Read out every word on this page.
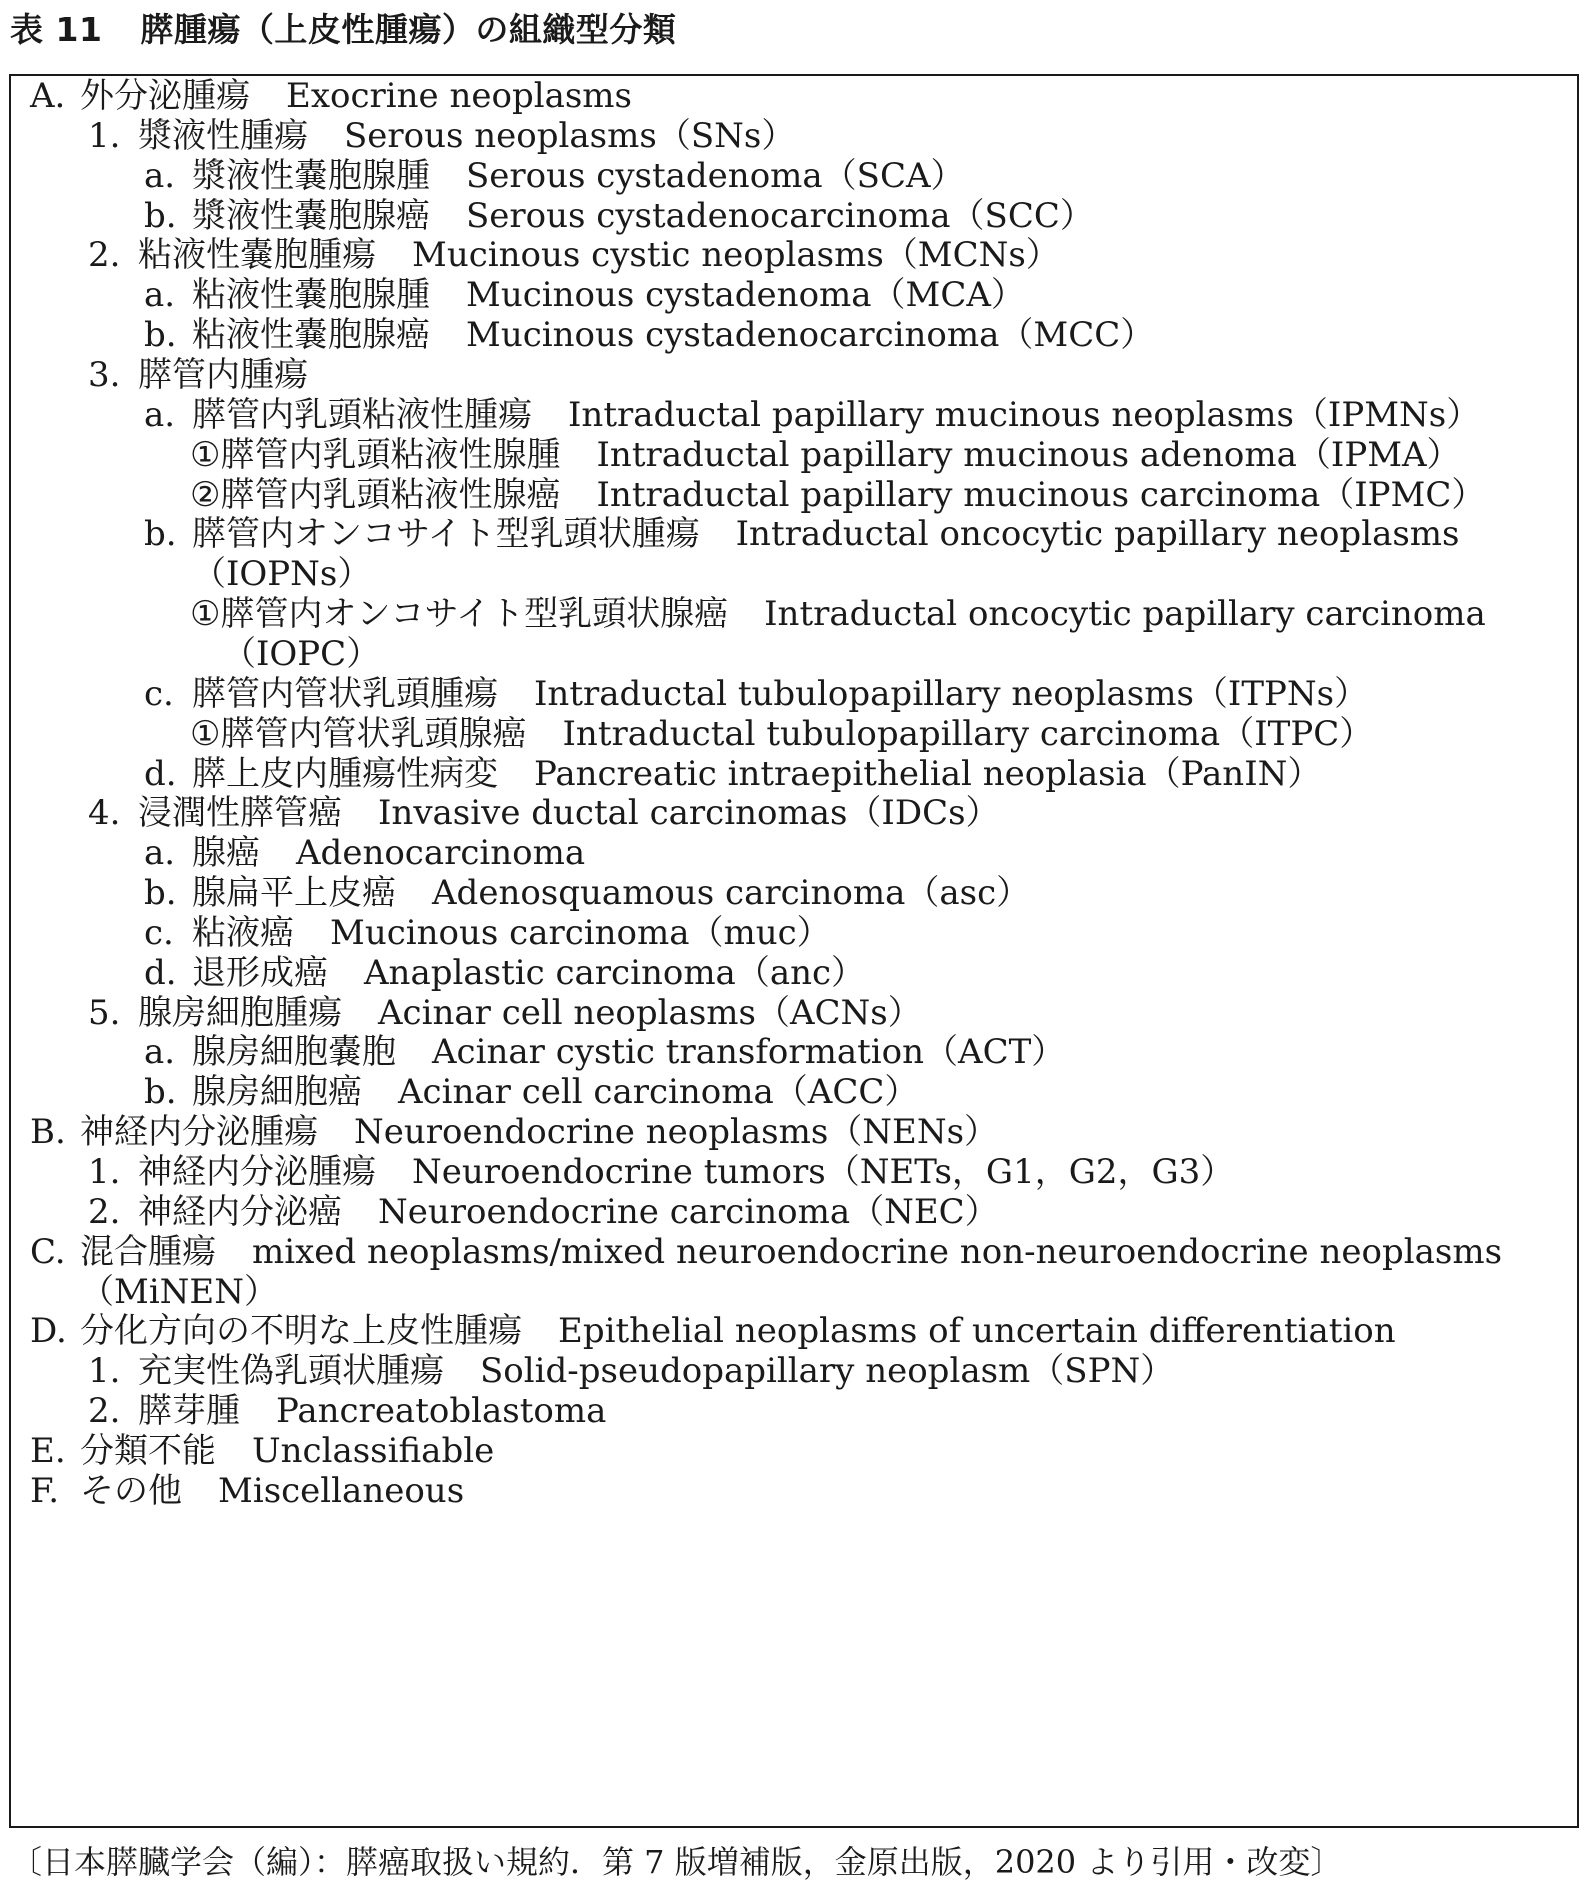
表 11 膵腫瘍（上皮性腫瘍）の組織型分類
A. 外分泌腫瘍 Exocrine neoplasms
1. 漿液性腫瘍 Serous neoplasms（SNs）
a. 漿液性嚢胞腺腫 Serous cystadenoma（SCA）
b. 漿液性嚢胞腺癌 Serous cystadenocarcinoma（SCC）
2. 粘液性嚢胞腫瘍 Mucinous cystic neoplasms（MCNs）
a. 粘液性嚢胞腺腫 Mucinous cystadenoma（MCA）
b. 粘液性嚢胞腺癌 Mucinous cystadenocarcinoma（MCC）
3. 膵管内腫瘍
a. 膵管内乳頭粘液性腫瘍 Intraductal papillary mucinous neoplasms（IPMNs）
①膵管内乳頭粘液性腺腫 Intraductal papillary mucinous adenoma（IPMA）
②膵管内乳頭粘液性腺癌 Intraductal papillary mucinous carcinoma（IPMC）
b. 膵管内オンコサイト型乳頭状腫瘍 Intraductal oncocytic papillary neoplasms
（IOPNs）
①膵管内オンコサイト型乳頭状腺癌 Intraductal oncocytic papillary carcinoma
（IOPC）
c. 膵管内管状乳頭腫瘍 Intraductal tubulopapillary neoplasms（ITPNs）
①膵管内管状乳頭腺癌 Intraductal tubulopapillary carcinoma（ITPC）
d. 膵上皮内腫瘍性病変 Pancreatic intraepithelial neoplasia（PanIN）
4. 浸潤性膵管癌 Invasive ductal carcinomas（IDCs）
a. 腺癌 Adenocarcinoma
b. 腺扁平上皮癌 Adenosquamous carcinoma（asc）
c. 粘液癌 Mucinous carcinoma（muc）
d. 退形成癌 Anaplastic carcinoma（anc）
5. 腺房細胞腫瘍 Acinar cell neoplasms（ACNs）
a. 腺房細胞嚢胞 Acinar cystic transformation（ACT）
b. 腺房細胞癌 Acinar cell carcinoma（ACC）
B. 神経内分泌腫瘍 Neuroendocrine neoplasms（NENs）
1. 神経内分泌腫瘍 Neuroendocrine tumors（NETs，G1，G2，G3）
2. 神経内分泌癌 Neuroendocrine carcinoma（NEC）
C. 混合腫瘍 mixed neoplasms/mixed neuroendocrine non-neuroendocrine neoplasms
（MiNEN）
D. 分化方向の不明な上皮性腫瘍 Epithelial neoplasms of uncertain differentiation
1. 充実性偽乳頭状腫瘍 Solid-pseudopapillary neoplasm（SPN）
2. 膵芽腫 Pancreatoblastoma
E. 分類不能 Unclassifiable
F. その他 Miscellaneous
〔日本膵臓学会（編）：膵癌取扱い規約．第 7 版増補版，金原出版，2020 より引用・改変〕
